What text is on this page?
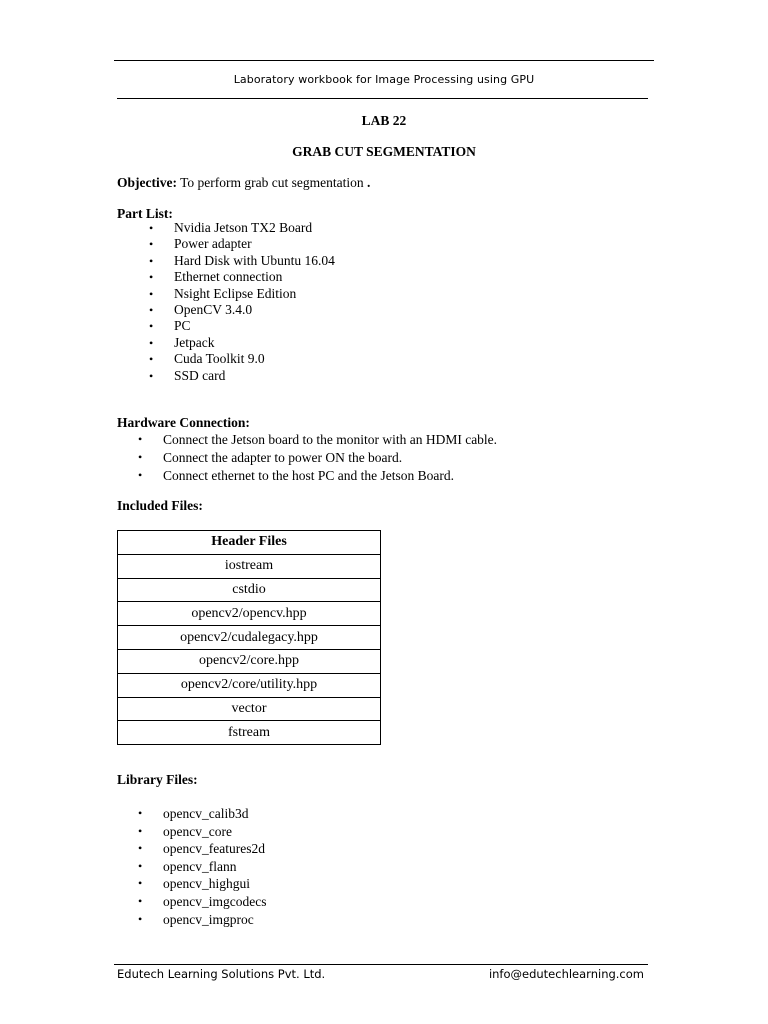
Laboratory workbook for Image Processing using GPU
LAB 22
GRAB CUT SEGMENTATION
Objective: To perform grab cut segmentation .
Part List:
• Nvidia Jetson TX2 Board
• Power adapter
• Hard Disk with Ubuntu 16.04
• Ethernet connection
• Nsight Eclipse Edition
• OpenCV 3.4.0
• PC
• Jetpack
• Cuda Toolkit 9.0
• SSD card
Hardware Connection:
• Connect the Jetson board to the monitor with an HDMI cable.
• Connect the adapter to power ON the board.
• Connect ethernet to the host PC and the Jetson Board.
Included Files:
Header Files
iostream
cstdio
opencv2/opencv.hpp
opencv2/cudalegacy.hpp
opencv2/core.hpp
opencv2/core/utility.hpp
vector
fstream
Library Files:
• opencv_calib3d
• opencv_core
• opencv_features2d
• opencv_flann
• opencv_highgui
• opencv_imgcodecs
• opencv_imgproc
Edutech Learning Solutions Pvt. Ltd.	info@edutechlearning.com
